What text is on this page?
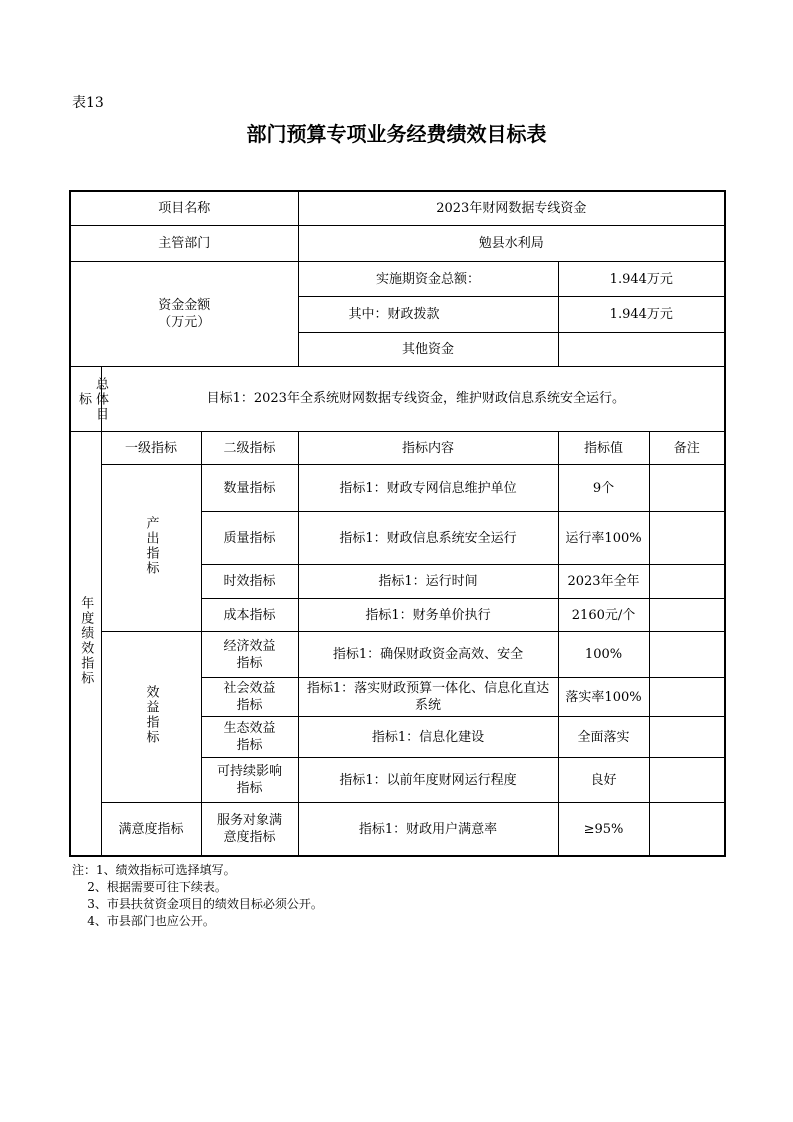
表13
部门预算专项业务经费绩效目标表
项目名称			2023年财网数据专线资金		
主管部门			勉县水利局		

资金金额
（万元）			实施期资金总额：	1.944万元	
			其中：财政拨款	1.944万元	
			其他资金		

总体目标	目标1：2023年全系统财网数据专线资金，维护财政信息系统安全运行。				
年度绩效指标	一级指标	二级指标	指标内容	指标值	备注
	产出指标	数量指标	指标1：财政专网信息维护单位	9个	
		质量指标	指标1：财政信息系统安全运行	运行率100%	
		时效指标	指标1：运行时间	2023年全年	
		成本指标	指标1：财务单价执行	2160元/个	
	效益指标	经济效益指标	指标1：确保财政资金高效、安全	100%	
		社会效益指标	指标1：落实财政预算一体化、信息化直达系统	落实率100%	
		生态效益指标	指标1：信息化建设	全面落实	
		可持续影响指标	指标1：以前年度财网运行程度	良好	
	满意度指标	服务对象满意度指标	指标1：财政用户满意率	≥95%	
注：1、绩效指标可选择填写。
2、根据需要可往下续表。
3、市县扶贫资金项目的绩效目标必须公开。
4、市县部门也应公开。
